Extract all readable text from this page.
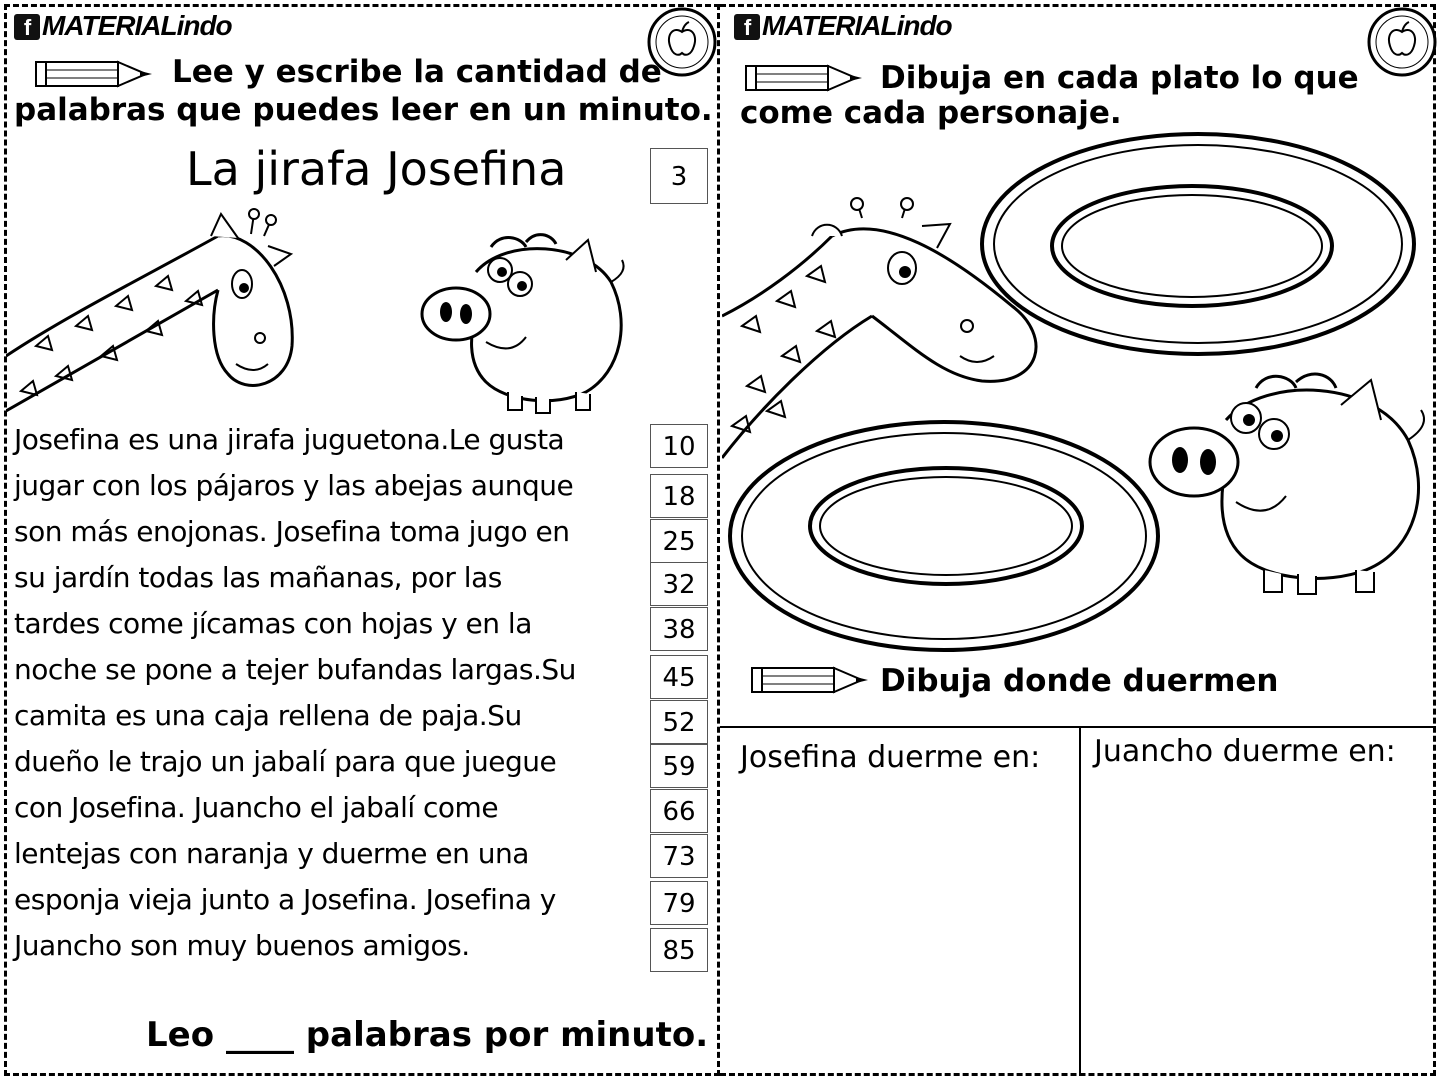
f MATERIALindo
Lee y escribe la cantidad de
palabras que puedes leer en un minuto.
La jirafa Josefina	3
Josefina es una jirafa juguetona.Le gusta
jugar con los pájaros y las abejas aunque
son más enojonas. Josefina toma jugo en
su jardín todas las mañanas, por las
tardes come jícamas con hojas y en la
noche se pone a tejer bufandas largas.Su
camita es una caja rellena de paja.Su
dueño le trajo un jabalí para que juegue
con Josefina. Juancho el jabalí come
lentejas con naranja y duerme en una
esponja vieja junto a Josefina. Josefina y
Juancho son muy buenos amigos.
10
18
25
32
38
45
52
59
66
73
79
85
Leo ____ palabras por minuto.
f MATERIALindo
Dibuja en cada plato lo que
come cada personaje.
Dibuja donde duermen
Josefina duerme en: Juancho duerme en:
